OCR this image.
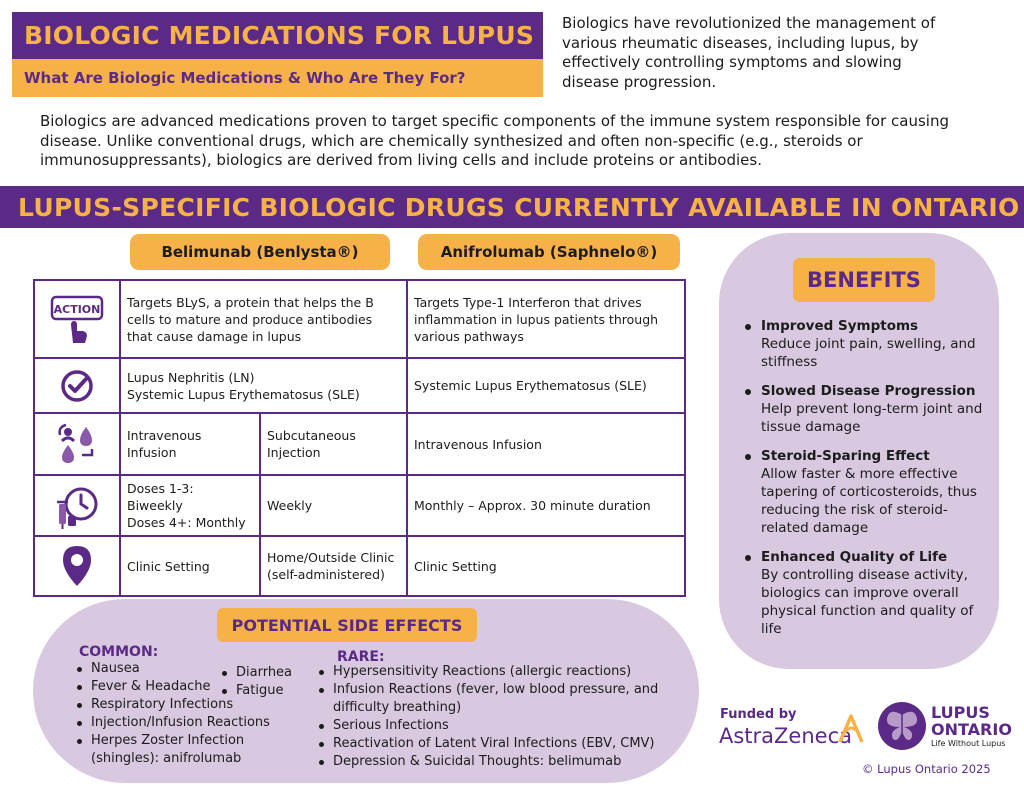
BIOLOGIC MEDICATIONS FOR LUPUS
What Are Biologic Medications & Who Are They For?

Biologics have revolutionized the management of various rheumatic diseases, including lupus, by effectively controlling symptoms and slowing disease progression.

Biologics are advanced medications proven to target specific components of the immune system responsible for causing disease. Unlike conventional drugs, which are chemically synthesized and often non-specific (e.g., steroids or immunosuppressants), biologics are derived from living cells and include proteins or antibodies.

LUPUS-SPECIFIC BIOLOGIC DRUGS CURRENTLY AVAILABLE IN ONTARIO
Belimunab (Benlysta®)	Anifrolumab (Saphnelo®)
ACTION	Targets BLyS, a protein that helps the B cells to mature and produce antibodies that cause damage in lupus		Targets Type-1 Interferon that drives inflammation in lupus patients through various pathways

Lupus Nephritis (LN)
Systemic Lupus Erythematosus (SLE)		Systemic Lupus Erythematosus (SLE)

	Intravenous Infusion	Subcutaneous Injection	Intravenous Infusion

Doses 1-3: Biweekly
Doses 4+: Monthly	Weekly	Monthly – Approx. 30 minute duration

	Clinic Setting	Home/Outside Clinic (self-administered)	Clinic Setting
BENEFITS
Improved Symptoms
Reduce joint pain, swelling, and stiffness
Slowed Disease Progression
Help prevent long-term joint and tissue damage
Steroid-Sparing Effect
Allow faster & more effective tapering of corticosteroids, thus reducing the risk of steroid-related damage
Enhanced Quality of Life
By controlling disease activity, biologics can improve overall physical function and quality of life
POTENTIAL SIDE EFFECTS
COMMON:	RARE:
Nausea
Fever & Headache
Respiratory Infections
Injection/Infusion Reactions
Herpes Zoster Infection (shingles): anifrolumab
Diarrhea
Fatigue
Hypersensitivity Reactions (allergic reactions)
Infusion Reactions (fever, low blood pressure, and difficulty breathing)
Serious Infections
Reactivation of Latent Viral Infections (EBV, CMV)
Depression & Suicidal Thoughts: belimumab
Funded by
AstraZeneca
LUPUS
ONTARIO
Life Without Lupus
© Lupus Ontario 2025
